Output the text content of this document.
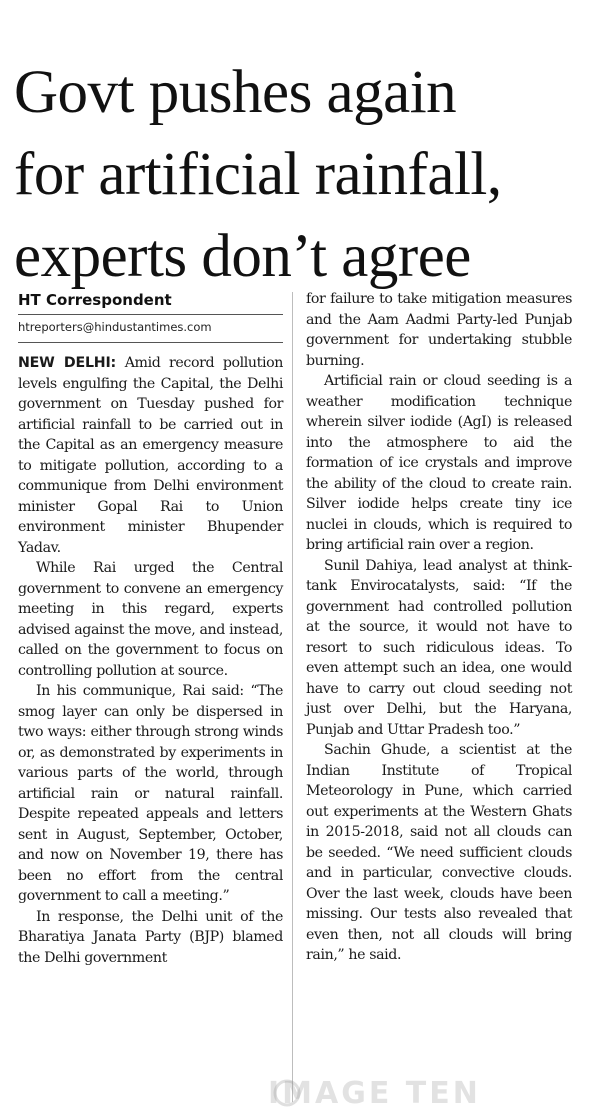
Govt pushes again
for artificial rainfall,
experts don’t agree
HT Correspondent
htreporters@hindustantimes.com

NEW DELHI: Amid record pollution levels engulfing the Capital, the Delhi government on Tuesday pushed for artificial rainfall to be carried out in the Capital as an emergency measure to mitigate pollution, according to a communique from Delhi environment minister Gopal Rai to Union environment minister Bhupender Yadav.

While Rai urged the Central government to convene an emergency meeting in this regard, experts advised against the move, and instead, called on the government to focus on controlling pollution at source.

In his communique, Rai said: “The smog layer can only be dispersed in two ways: either through strong winds or, as demonstrated by experiments in various parts of the world, through artificial rain or natural rainfall. Despite repeated appeals and letters sent in August, September, October, and now on November 19, there has been no effort from the central government to call a meeting.”

In response, the Delhi unit of the Bharatiya Janata Party (BJP) blamed the Delhi government

for failure to take mitigation measures and the Aam Aadmi Party-led Punjab government for undertaking stubble burning.

Artificial rain or cloud seeding is a weather modification technique wherein silver iodide (AgI) is released into the atmosphere to aid the formation of ice crystals and improve the ability of the cloud to create rain. Silver iodide helps create tiny ice nuclei in clouds, which is required to bring artificial rain over a region.

Sunil Dahiya, lead analyst at think-tank Envirocatalysts, said: “If the government had controlled pollution at the source, it would not have to resort to such ridiculous ideas. To even attempt such an idea, one would have to carry out cloud seeding not just over Delhi, but the Haryana, Punjab and Uttar Pradesh too.”

Sachin Ghude, a scientist at the Indian Institute of Tropical Meteorology in Pune, which carried out experiments at the Western Ghats in 2015-2018, said not all clouds can be seeded. “We need sufficient clouds and in particular, convective clouds. Over the last week, clouds have been missing. Our tests also revealed that even then, not all clouds will bring rain,” he said.

IMAGE TEN
